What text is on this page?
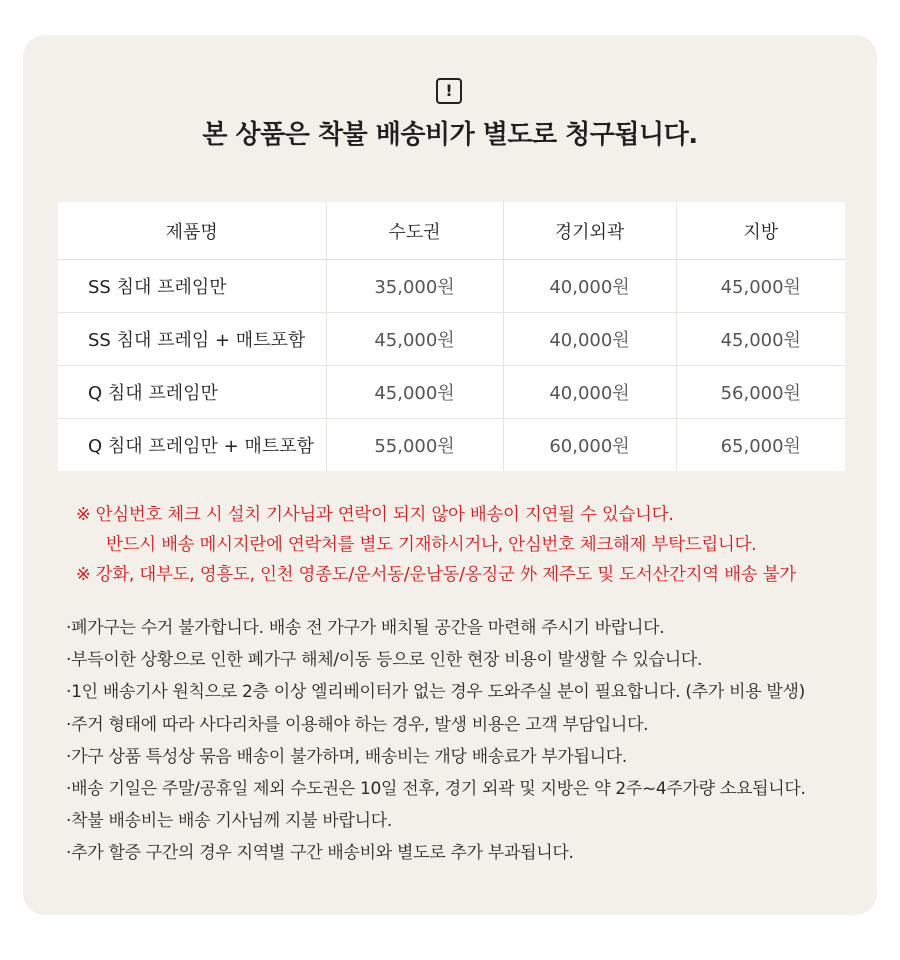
!
본 상품은 착불 배송비가 별도로 청구됩니다.
제품명	수도권	경기외곽	지방
SS 침대 프레임만	35,000원	40,000원	45,000원
SS 침대 프레임 + 매트포함	45,000원	40,000원	45,000원
Q 침대 프레임만	45,000원	40,000원	56,000원
Q 침대 프레임만 + 매트포함	55,000원	60,000원	65,000원
※ 안심번호 체크 시 설치 기사님과 연락이 되지 않아 배송이 지연될 수 있습니다.
반드시 배송 메시지란에 연락처를 별도 기재하시거나, 안심번호 체크해제 부탁드립니다.
※ 강화, 대부도, 영흥도, 인천 영종도/운서동/운남동/옹징군 外 제주도 및 도서산간지역 배송 불가
·폐가구는 수거 불가합니다. 배송 전 가구가 배치될 공간을 마련해 주시기 바랍니다.
·부득이한 상황으로 인한 폐가구 해체/이동 등으로 인한 현장 비용이 발생할 수 있습니다.
·1인 배송기사 원칙으로 2층 이상 엘리베이터가 없는 경우 도와주실 분이 필요합니다. (추가 비용 발생)
·주거 형태에 따라 사다리차를 이용해야 하는 경우, 발생 비용은 고객 부담입니다.
·가구 상품 특성상 묶음 배송이 불가하며, 배송비는 개당 배송료가 부가됩니다.
·배송 기일은 주말/공휴일 제외 수도권은 10일 전후, 경기 외곽 및 지방은 약 2주~4주가량 소요됩니다.
·착불 배송비는 배송 기사님께 지불 바랍니다.
·추가 할증 구간의 경우 지역별 구간 배송비와 별도로 추가 부과됩니다.
